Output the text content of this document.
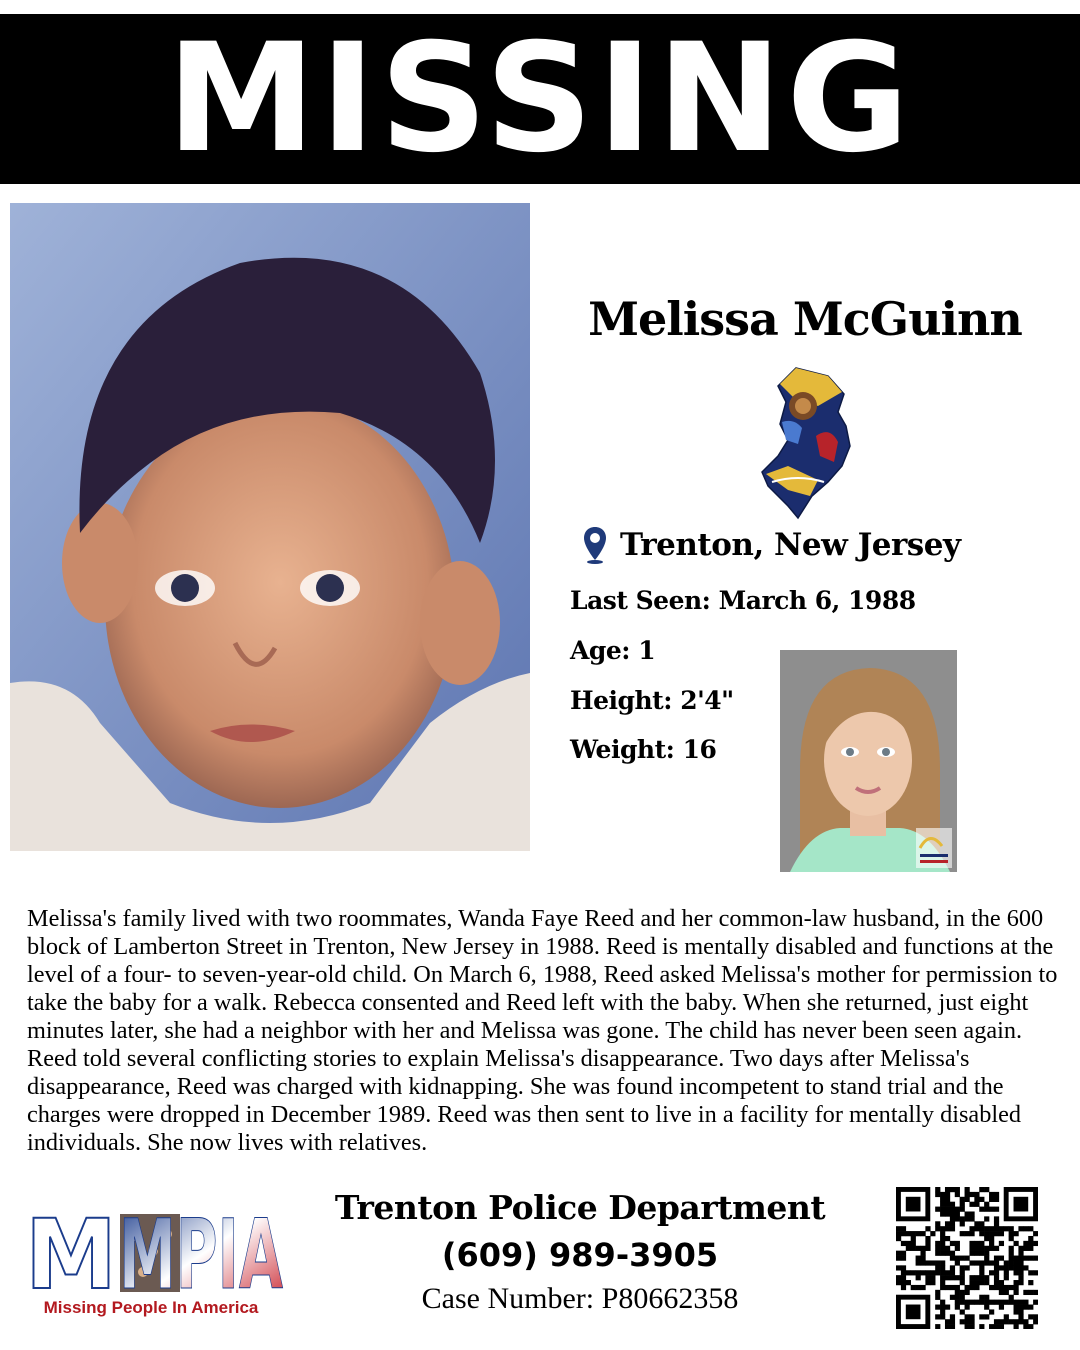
MISSING
Melissa McGuinn
Trenton, New Jersey
Last Seen: March 6, 1988
Age: 1
Height: 2'4"
Weight: 16
Melissa's family lived with two roommates, Wanda Faye Reed and her common-law husband, in the 600 block of Lamberton Street in Trenton, New Jersey in 1988. Reed is mentally disabled and functions at the level of a four- to seven-year-old child. On March 6, 1988, Reed asked Melissa's mother for permission to take the baby for a walk. Rebecca consented and Reed left with the baby. When she returned, just eight minutes later, she had a neighbor with her and Melissa was gone. The child has never been seen again. Reed told several conflicting stories to explain Melissa's disappearance. Two days after Melissa's disappearance, Reed was charged with kidnapping. She was found incompetent to stand trial and the charges were dropped in December 1989. Reed was then sent to live in a facility for mentally disabled individuals. She now lives with relatives.
M MPIA
Missing People In America
Trenton Police Department
(609) 989-3905
Case Number: P80662358
